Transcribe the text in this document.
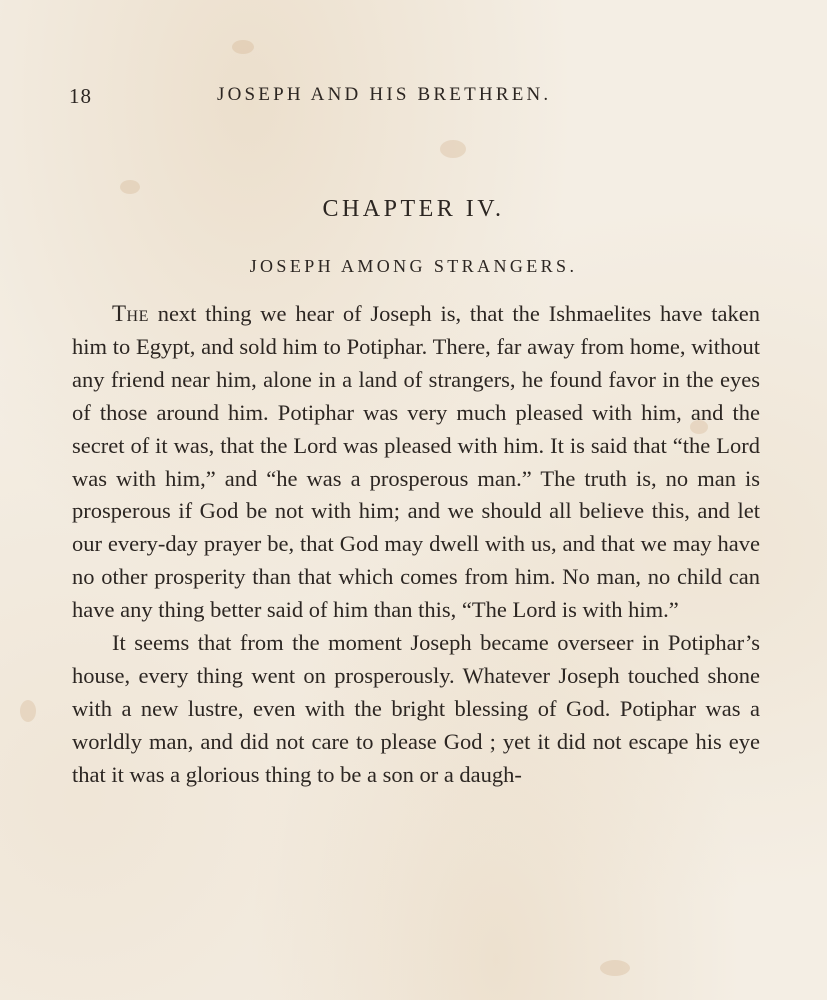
18	JOSEPH AND HIS BRETHREN.
CHAPTER IV.
JOSEPH AMONG STRANGERS.

The next thing we hear of Joseph is, that the Ishmaelites have taken him to Egypt, and sold him to Potiphar. There, far away from home, without any friend near him, alone in a land of strangers, he found favor in the eyes of those around him. Potiphar was very much pleased with him, and the secret of it was, that the Lord was pleased with him. It is said that “the Lord was with him,” and “he was a prosperous man.” The truth is, no man is prosperous if God be not with him; and we should all believe this, and let our every-day prayer be, that God may dwell with us, and that we may have no other prosperity than that which comes from him. No man, no child can have any thing better said of him than this, “The Lord is with him.”

It seems that from the moment Joseph became overseer in Potiphar’s house, every thing went on prosperously. Whatever Joseph touched shone with a new lustre, even with the bright blessing of God. Potiphar was a worldly man, and did not care to please God ; yet it did not escape his eye that it was a glorious thing to be a son or a daugh-
